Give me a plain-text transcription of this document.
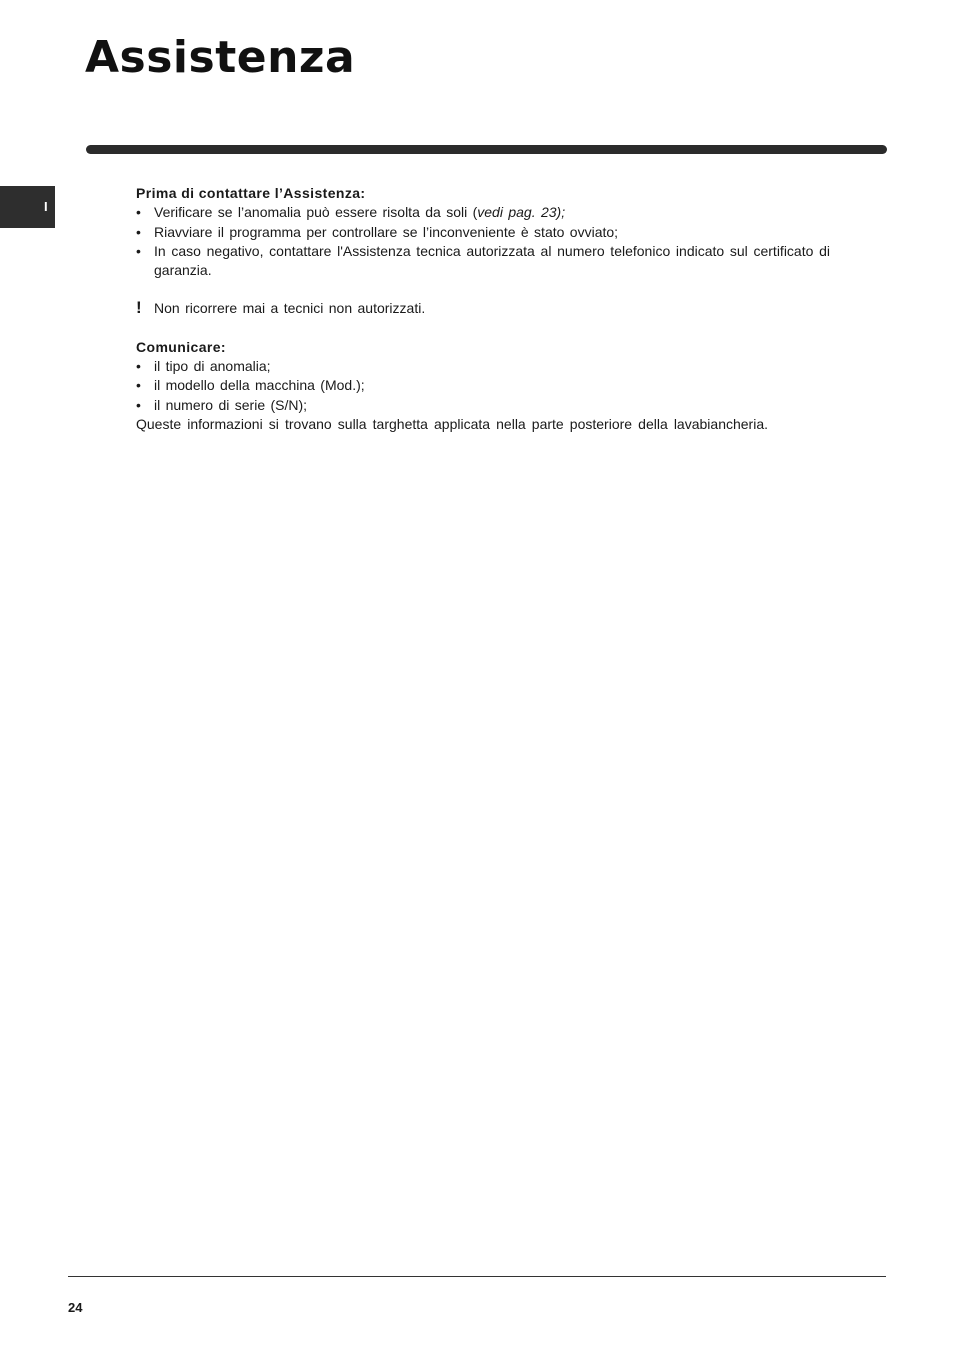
Assistenza
I

Prima di contattare l’Assistenza:

• Verificare se l’anomalia può essere risolta da soli (vedi pag. 23);
• Riavviare il programma per controllare se l’inconveniente è stato ovviato;
• In caso negativo, contattare l'Assistenza tecnica autorizzata al numero telefonico indicato sul certificato di garanzia.
! Non ricorrere mai a tecnici non autorizzati.

Comunicare:

• il tipo di anomalia;
• il modello della macchina (Mod.);
• il numero di serie (S/N);

Queste informazioni si trovano sulla targhetta applicata nella parte posteriore della lavabiancheria.

24
